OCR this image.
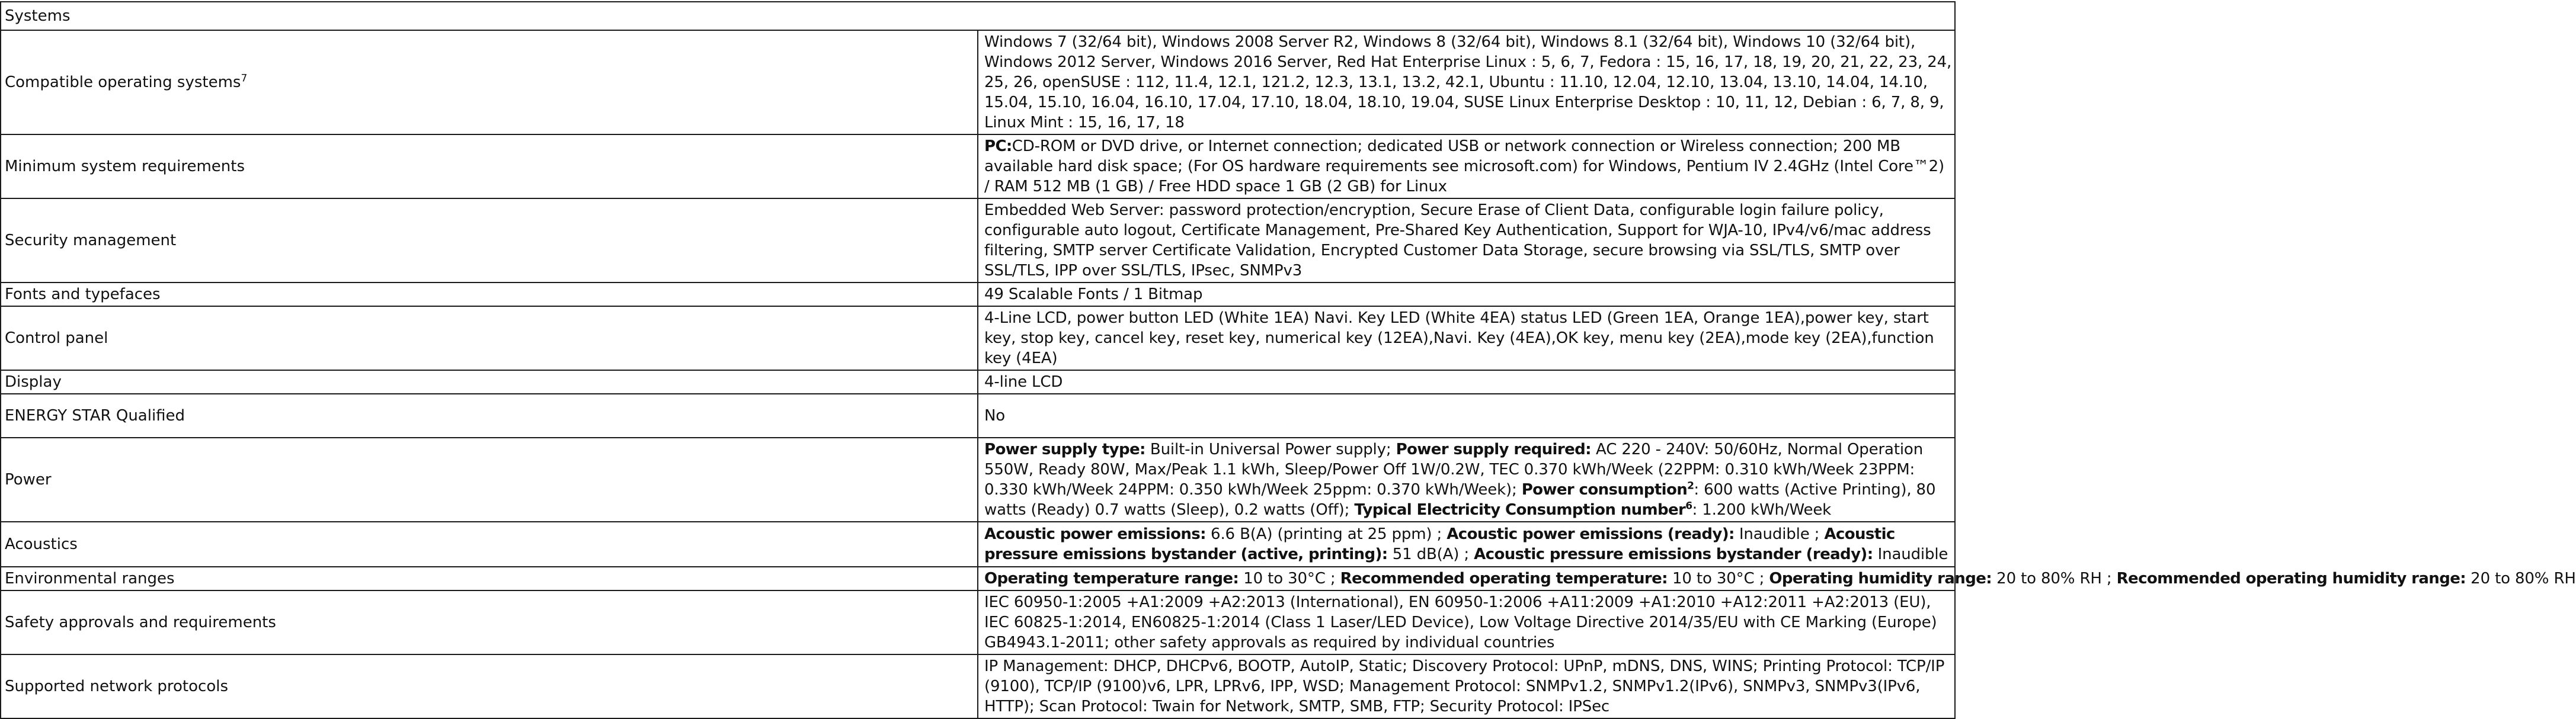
Systems	
Compatible operating systems$^7$	Windows 7 (32/64 bit), Windows 2008 Server R2, Windows 8 (32/64 bit), Windows 8.1 (32/64 bit), Windows 10 (32/64 bit), Windows 2012 Server, Windows 2016 Server, Red Hat Enterprise Linux : 5, 6, 7, Fedora : 15, 16, 17, 18, 19, 20, 21, 22, 23, 24, 25, 26, openSUSE : 112, 11.4, 12.1, 121.2, 12.3, 13.1, 13.2, 42.1, Ubuntu : 11.10, 12.04, 12.10, 13.04, 13.10, 14.04, 14.10, 15.04, 15.10, 16.04, 16.10, 17.04, 17.10, 18.04, 18.10, 19.04, SUSE Linux Enterprise Desktop : 10, 11, 12, Debian : 6, 7, 8, 9, Linux Mint : 15, 16, 17, 18
Minimum system requirements	PC:CD-ROM or DVD drive, or Internet connection; dedicated USB or network connection or Wireless connection; 200 MB available hard disk space; (For OS hardware requirements see microsoft.com) for Windows, Pentium IV 2.4GHz (Intel Core™2) / RAM 512 MB (1 GB) / Free HDD space 1 GB (2 GB) for Linux
Security management	Embedded Web Server: password protection/encryption, Secure Erase of Client Data, configurable login failure policy, configurable auto logout, Certificate Management, Pre-Shared Key Authentication, Support for WJA-10, IPv4/v6/mac address filtering, SMTP server Certificate Validation, Encrypted Customer Data Storage, secure browsing via SSL/TLS, SMTP over SSL/TLS, IPP over SSL/TLS, IPsec, SNMPv3
Fonts and typefaces	49 Scalable Fonts / 1 Bitmap
Control panel	4-Line LCD, power button LED (White 1EA) Navi. Key LED (White 4EA) status LED (Green 1EA, Orange 1EA),power key, start key, stop key, cancel key, reset key, numerical key (12EA),Navi. Key (4EA),OK key, menu key (2EA),mode key (2EA),function key (4EA)
Display	4-line LCD
ENERGY STAR Qualified	No
Power	Power supply type: Built-in Universal Power supply; Power supply required: AC 220 - 240V: 50/60Hz, Normal Operation 550W, Ready 80W, Max/Peak 1.1 kWh, Sleep/Power Off 1W/0.2W, TEC 0.370 kWh/Week (22PPM: 0.310 kWh/Week 23PPM: 0.330 kWh/Week 24PPM: 0.350 kWh/Week 25ppm: 0.370 kWh/Week); Power consumption$^2$: 600 watts (Active Printing), 80 watts (Ready) 0.7 watts (Sleep), 0.2 watts (Off); Typical Electricity Consumption number$^6$: 1.200 kWh/Week
Acoustics	Acoustic power emissions: 6.6 B(A) (printing at 25 ppm) ; Acoustic power emissions (ready): Inaudible ; Acoustic pressure emissions bystander (active, printing): 51 dB(A) ; Acoustic pressure emissions bystander (ready): Inaudible
Environmental ranges	Operating temperature range: 10 to 30°C ; Recommended operating temperature: 10 to 30°C ; Operating humidity range: 20 to 80% RH ; Recommended operating humidity range: 20 to 80% RH
Safety approvals and requirements	IEC 60950-1:2005 +A1:2009 +A2:2013 (International), EN 60950-1:2006 +A11:2009 +A1:2010 +A12:2011 +A2:2013 (EU), IEC 60825-1:2014, EN60825-1:2014 (Class 1 Laser/LED Device), Low Voltage Directive 2014/35/EU with CE Marking (Europe) GB4943.1-2011; other safety approvals as required by individual countries
Supported network protocols	IP Management: DHCP, DHCPv6, BOOTP, AutoIP, Static; Discovery Protocol: UPnP, mDNS, DNS, WINS; Printing Protocol: TCP/IP (9100), TCP/IP (9100)v6, LPR, LPRv6, IPP, WSD; Management Protocol: SNMPv1.2, SNMPv1.2(IPv6), SNMPv3, SNMPv3(IPv6, HTTP); Scan Protocol: Twain for Network, SMTP, SMB, FTP; Security Protocol: IPSec
